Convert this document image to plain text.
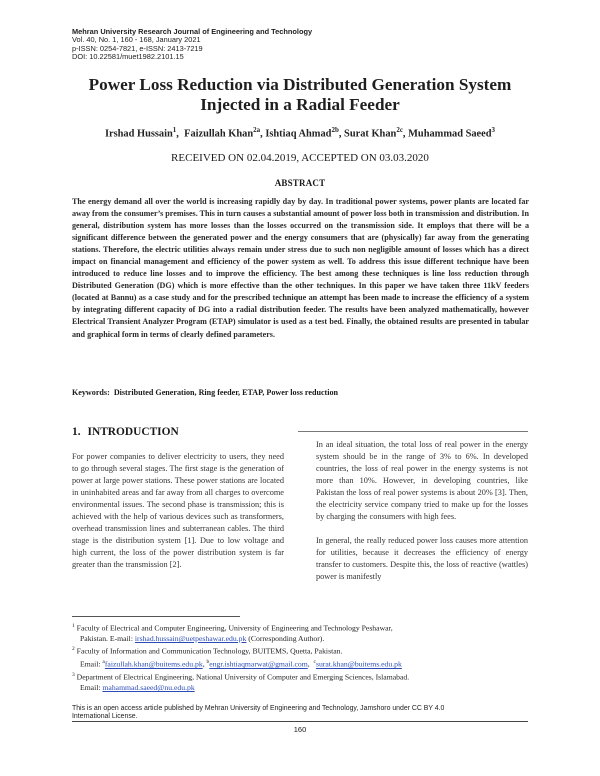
Mehran University Research Journal of Engineering and Technology
Vol. 40, No. 1, 160 - 168, January 2021
p-ISSN: 0254-7821, e-ISSN: 2413-7219
DOI: 10.22581/muet1982.2101.15
Power Loss Reduction via Distributed Generation System
Injected in a Radial Feeder
Irshad Hussain$^1$,  Faizullah Khan$^{2a}$, Ishtiaq Ahmad$^{2b}$, Surat Khan$^{2c}$, Muhammad Saeed$^3$
RECEIVED ON 02.04.2019, ACCEPTED ON 03.03.2020
ABSTRACT
The energy demand all over the world is increasing rapidly day by day. In traditional power systems, power plants are located far away from the consumer’s premises. This in turn causes a substantial amount of power loss both in transmission and distribution. In general, distribution system has more losses than the losses occurred on the transmission side. It employs that there will be a significant difference between the generated power and the energy consumers that are (physically) far away from the generating stations. Therefore, the electric utilities always remain under stress due to such non negligible amount of losses which has a direct impact on financial management and efficiency of the power system as well. To address this issue different technique have been introduced to reduce line losses and to improve the efficiency. The best among these techniques is line loss reduction through Distributed Generation (DG) which is more effective than the other techniques. In this paper we have taken three 11kV feeders (located at Bannu) as a case study and for the prescribed technique an attempt has been made to increase the efficiency of a system by integrating different capacity of DG into a radial distribution feeder. The results have been analyzed mathematically, however Electrical Transient Analyzer Program (ETAP) simulator is used as a test bed. Finally, the obtained results are presented in tabular and graphical form in terms of clearly defined parameters.
Keywords: Distributed Generation, Ring feeder, ETAP, Power loss reduction
1. INTRODUCTION
For power companies to deliver electricity to users, they need to go through several stages. The first stage is the generation of power at large power stations. These power stations are located in uninhabited areas and far away from all charges to overcome environmental issues. The second phase is transmission; this is achieved with the help of various devices such as transformers, overhead transmission lines and subterranean cables. The third stage is the distribution system [1]. Due to low voltage and high current, the loss of the power distribution system is far greater than the transmission [2].

In an ideal situation, the total loss of real power in the energy system should be in the range of 3% to 6%. In developed countries, the loss of real power in the energy systems is not more than 10%. However, in developing countries, like Pakistan the loss of real power systems is about 20% [3]. Then, the electricity service company tried to make up for the losses by charging the consumers with high fees.

In general, the really reduced power loss causes more attention for utilities, because it decreases the efficiency of energy transfer to customers. Despite this, the loss of reactive (wattles) power is manifestly

$^1$ Faculty of Electrical and Computer Engineering, University of Engineering and Technology Peshawar,
Pakistan. E-mail: irshad.hussain@uetpeshawar.edu.pk (Corresponding Author).
$^2$ Faculty of Information and Communication Technology, BUITEMS, Quetta, Pakistan.
Email: $^a$faizullah.khan@buitems.edu.pk, $^b$engr.ishtiaqmarwat@gmail.com,  $^c$surat.khan@buitems.edu.pk
$^3$ Department of Electrical Engineering, National University of Computer and Emerging Sciences, Islamabad.
Email: mahammad.saeed@nu.edu.pk
This is an open access article published by Mehran University of Engineering and Technology, Jamshoro under CC BY 4.0
International License.
160
